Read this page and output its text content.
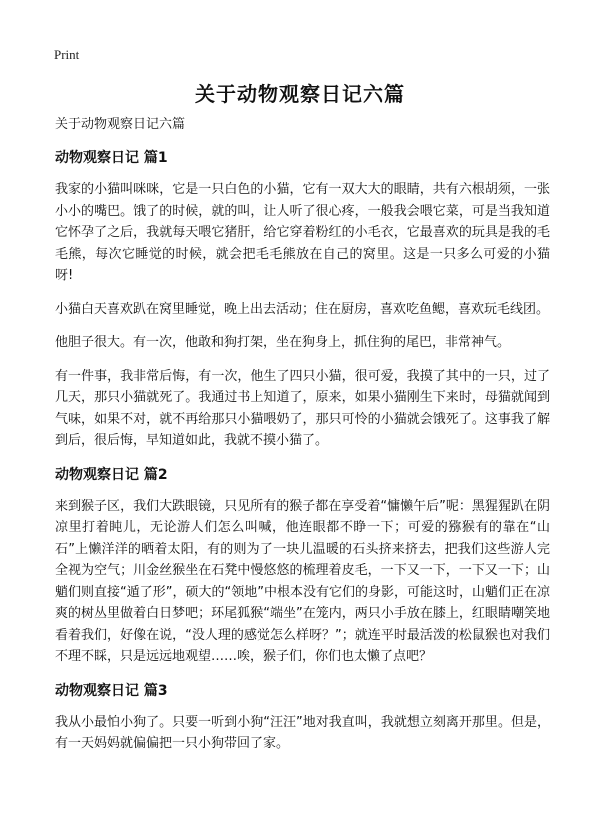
Print
关于动物观察日记六篇

关于动物观察日记六篇

动物观察日记 篇1

我家的小猫叫咪咪，它是一只白色的小猫，它有一双大大的眼睛，共有六根胡须，一张小小的嘴巴。饿了的时候，就的叫，让人听了很心疼，一般我会喂它菜，可是当我知道它怀孕了之后，我就每天喂它猪肝，给它穿着粉红的小毛衣，它最喜欢的玩具是我的毛毛熊，每次它睡觉的时候，就会把毛毛熊放在自己的窝里。这是一只多么可爱的小猫呀!

小猫白天喜欢趴在窝里睡觉，晚上出去活动；住在厨房，喜欢吃鱼鳃，喜欢玩毛线团。

他胆子很大。有一次，他敢和狗打架，坐在狗身上，抓住狗的尾巴，非常神气。

有一件事，我非常后悔，有一次，他生了四只小猫，很可爱，我摸了其中的一只，过了几天，那只小猫就死了。我通过书上知道了，原来，如果小猫刚生下来时，母猫就闻到气味，如果不对，就不再给那只小猫喂奶了，那只可怜的小猫就会饿死了。这事我了解到后，很后悔，早知道如此，我就不摸小猫了。

动物观察日记 篇2

来到猴子区，我们大跌眼镜，只见所有的猴子都在享受着“慵懒午后”呢：黑猩猩趴在阴凉里打着盹儿，无论游人们怎么叫喊，他连眼都不睁一下；可爱的猕猴有的靠在“山石”上懒洋洋的晒着太阳，有的则为了一块儿温暖的石头挤来挤去，把我们这些游人完全视为空气；川金丝猴坐在石凳中慢悠悠的梳理着皮毛，一下又一下，一下又一下；山魈们则直接“遁了形”，硕大的“领地”中根本没有它们的身影，可能这时，山魈们正在凉爽的树丛里做着白日梦吧；环尾狐猴“端坐”在笼内，两只小手放在膝上，红眼睛嘲笑地看着我们，好像在说，“没人理的感觉怎么样呀？”；就连平时最活泼的松鼠猴也对我们不理不睬，只是远远地观望……唉，猴子们，你们也太懒了点吧？

动物观察日记 篇3

我从小最怕小狗了。只要一听到小狗“汪汪”地对我直叫，我就想立刻离开那里。但是，有一天妈妈就偏偏把一只小狗带回了家。
